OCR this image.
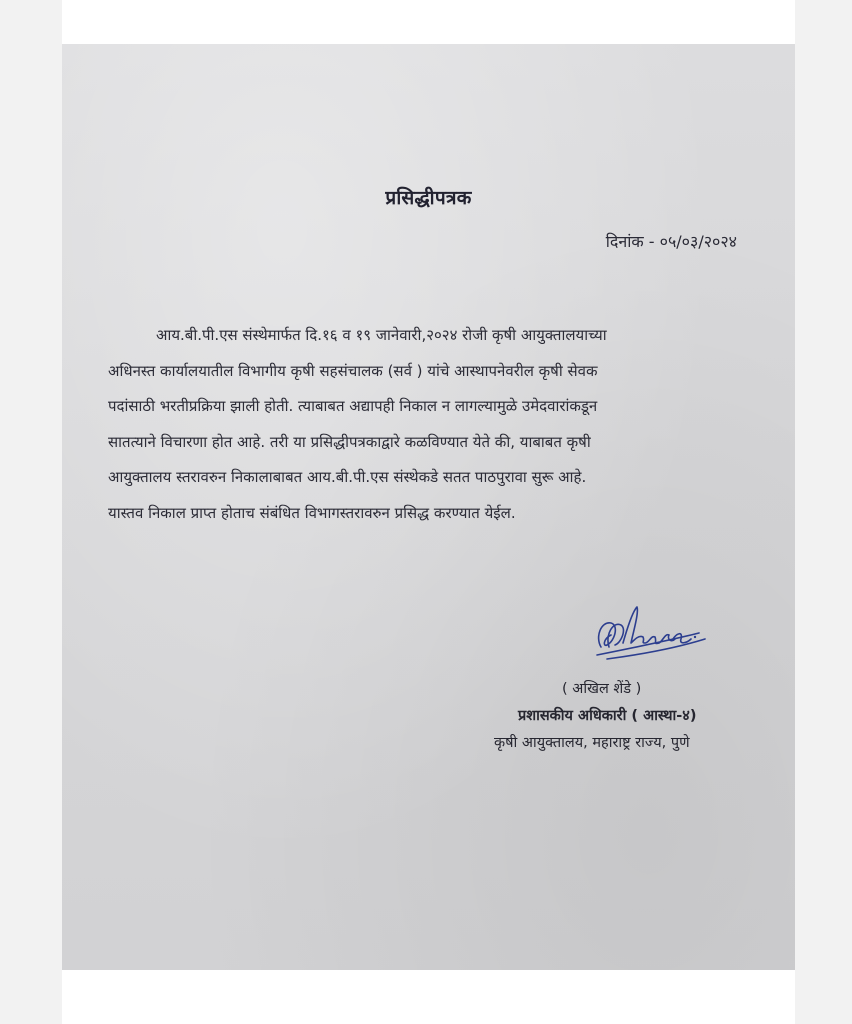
प्रसिद्धीपत्रक
दिनांक - ०५/०३/२०२४
आय.बी.पी.एस संस्थेमार्फत दि.१६ व १९ जानेवारी,२०२४ रोजी कृषी आयुक्तालयाच्या
अधिनस्त कार्यालयातील विभागीय कृषी सहसंचालक (सर्व ) यांचे आस्थापनेवरील कृषी सेवक
पदांसाठी भरतीप्रक्रिया झाली होती. त्याबाबत अद्यापही निकाल न लागल्यामुळे उमेदवारांकडून
सातत्याने विचारणा होत आहे. तरी या प्रसिद्धीपत्रकाद्वारे कळविण्यात येते की, याबाबत कृषी
आयुक्तालय स्तरावरुन निकालाबाबत आय.बी.पी.एस संस्थेकडे सतत पाठपुरावा सुरू आहे.
यास्तव निकाल प्राप्त होताच संबंधित विभागस्तरावरुन प्रसिद्ध करण्यात येईल.
( अखिल शेंडे )
प्रशासकीय अधिकारी ( आस्था-४)
कृषी आयुक्तालय, महाराष्ट्र राज्य, पुणे
